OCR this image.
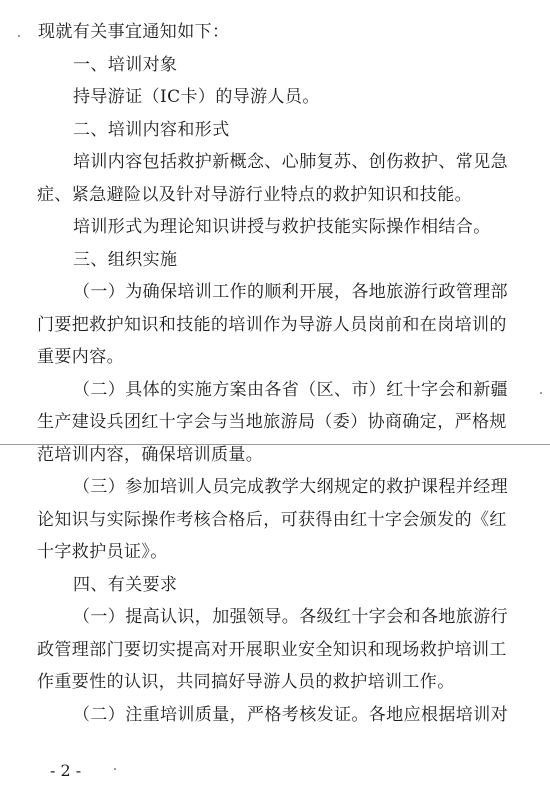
- 2 -
现就有关事宜通知如下：
一、培训对象
持导游证（IC卡）的导游人员。
二、培训内容和形式
培训内容包括救护新概念、心肺复苏、创伤救护、常见急
症、紧急避险以及针对导游行业特点的救护知识和技能。
培训形式为理论知识讲授与救护技能实际操作相结合。
三、组织实施
（一）为确保培训工作的顺利开展，各地旅游行政管理部
门要把救护知识和技能的培训作为导游人员岗前和在岗培训的
重要内容。
（二）具体的实施方案由各省（区、市）红十字会和新疆
生产建设兵团红十字会与当地旅游局（委）协商确定，严格规
范培训内容，确保培训质量。
（三）参加培训人员完成教学大纲规定的救护课程并经理
论知识与实际操作考核合格后，可获得由红十字会颁发的《红
十字救护员证》。
四、有关要求
（一）提高认识，加强领导。各级红十字会和各地旅游行
政管理部门要切实提高对开展职业安全知识和现场救护培训工
作重要性的认识，共同搞好导游人员的救护培训工作。
（二）注重培训质量，严格考核发证。各地应根据培训对
